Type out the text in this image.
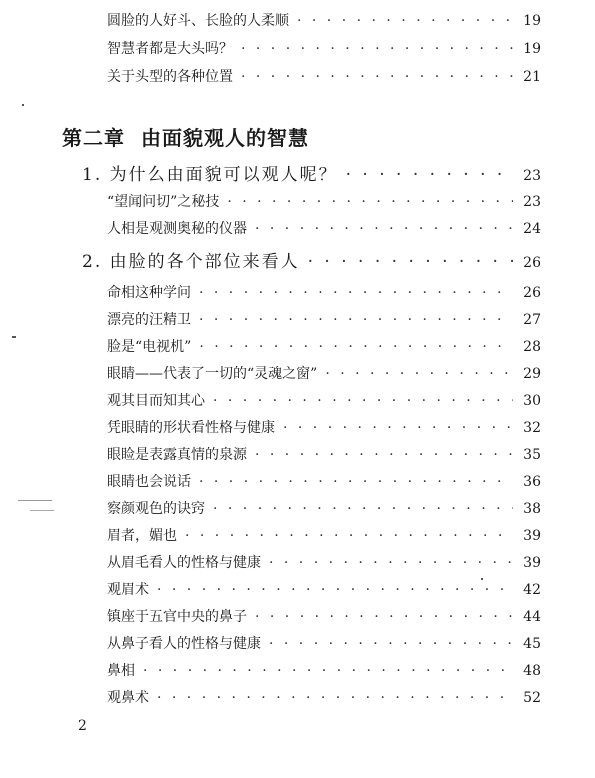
圆脸的人好斗、长脸的人柔顺 · · ·	19
智慧者都是大头吗？ · · ·	19
关于头型的各种位置 · · ·	21
第二章 由面貌观人的智慧
1. 为什么由面貌可以观人呢？ · · ·	23
“望闻问切”之秘技 · · ·	23
人相是观测奥秘的仪器 · · ·	24
2. 由脸的各个部位来看人 · · ·	26
命相这种学问 · · ·	26
漂亮的汪精卫 · · ·	27
脸是“电视机” · · ·	28
眼睛——代表了一切的“灵魂之窗” · · ·	29
观其目而知其心 · · ·	30
凭眼睛的形状看性格与健康 · · ·	32
眼睑是表露真情的泉源 · · ·	35
眼睛也会说话 · · ·	36
察颜观色的诀窍 · · ·	38
眉者，媚也 · · ·	39
从眉毛看人的性格与健康 · · ·	39
观眉术 · · ·	42
镇座于五官中央的鼻子 · · ·	44
从鼻子看人的性格与健康 · · ·	45
鼻相 · · ·	48
观鼻术 · · ·	52
2
